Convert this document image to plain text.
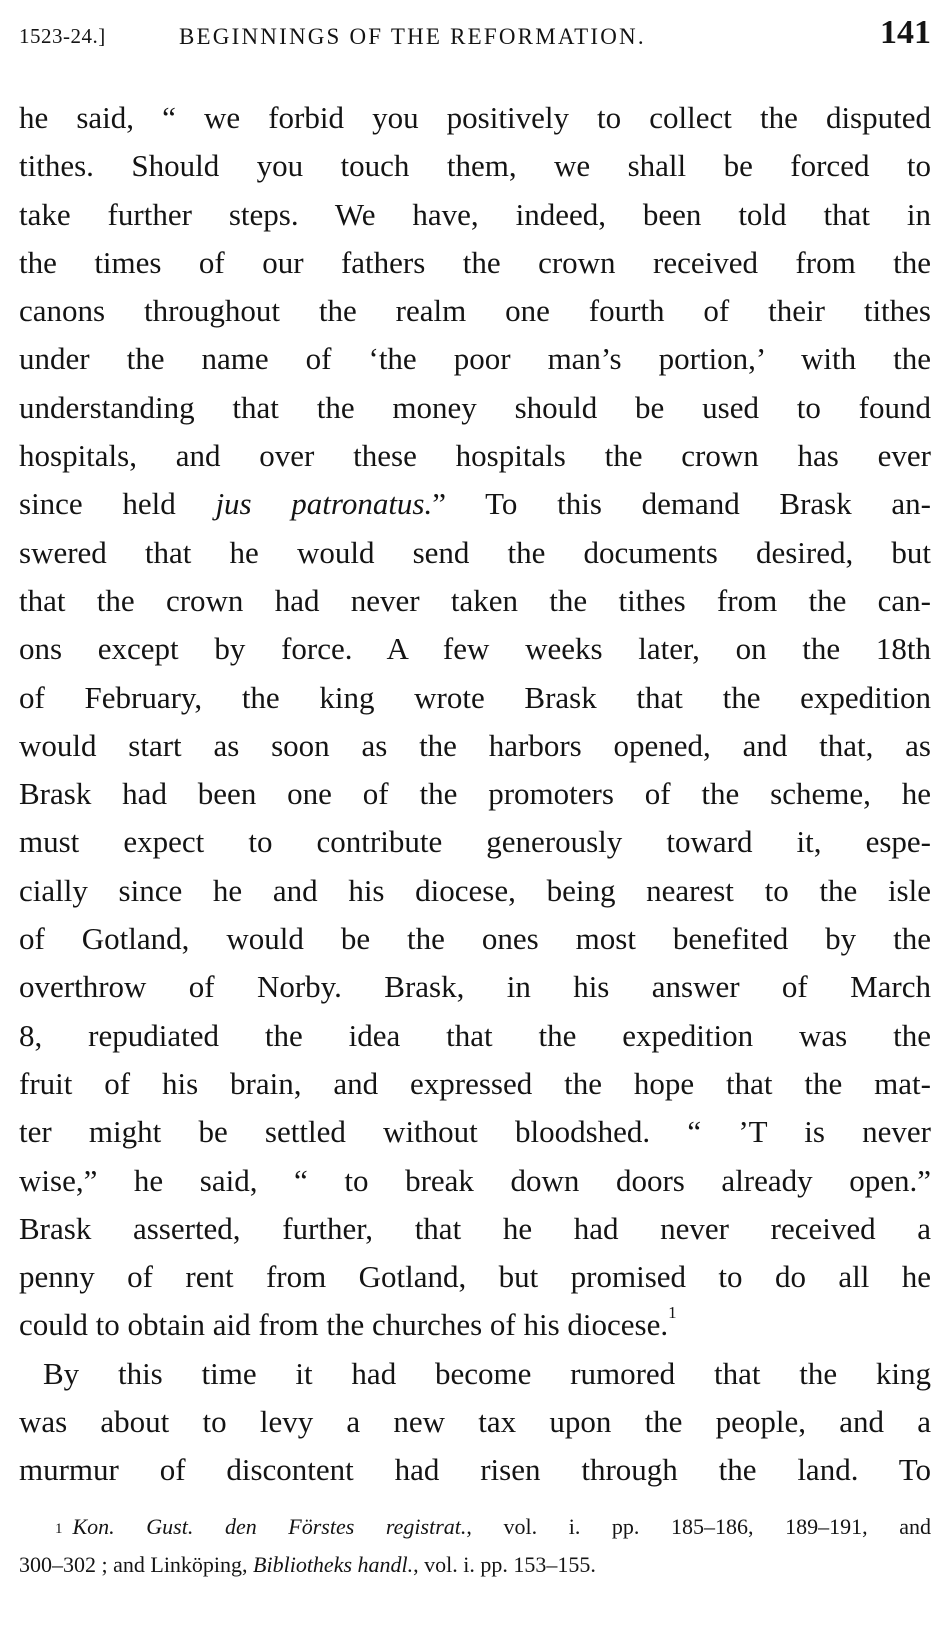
1523-24.]	BEGINNINGS OF THE REFORMATION.	141
he said, “ we forbid you positively to collect the disputed
tithes. Should you touch them, we shall be forced to
take further steps. We have, indeed, been told that in
the times of our fathers the crown received from the
canons throughout the realm one fourth of their tithes
under the name of ‘the poor man’s portion,’ with the
understanding that the money should be used to found
hospitals, and over these hospitals the crown has ever
since held jus patronatus.” To this demand Brask an-
swered that he would send the documents desired, but
that the crown had never taken the tithes from the can-
ons except by force. A few weeks later, on the 18th
of February, the king wrote Brask that the expedition
would start as soon as the harbors opened, and that, as
Brask had been one of the promoters of the scheme, he
must expect to contribute generously toward it, espe-
cially since he and his diocese, being nearest to the isle
of Gotland, would be the ones most benefited by the
overthrow of Norby. Brask, in his answer of March
8, repudiated the idea that the expedition was the
fruit of his brain, and expressed the hope that the mat-
ter might be settled without bloodshed. “ ’T is never
wise,” he said, “ to break down doors already open.”
Brask asserted, further, that he had never received a
penny of rent from Gotland, but promised to do all he
could to obtain aid from the churches of his diocese.$^1$
By this time it had become rumored that the king
was about to levy a new tax upon the people, and a
murmur of discontent had risen through the land. To
$^1$ Kon. Gust. den Förstes registrat., vol. i. pp. 185–186, 189–191, and
300–302 ; and Linköping, Bibliotheks handl., vol. i. pp. 153–155.
